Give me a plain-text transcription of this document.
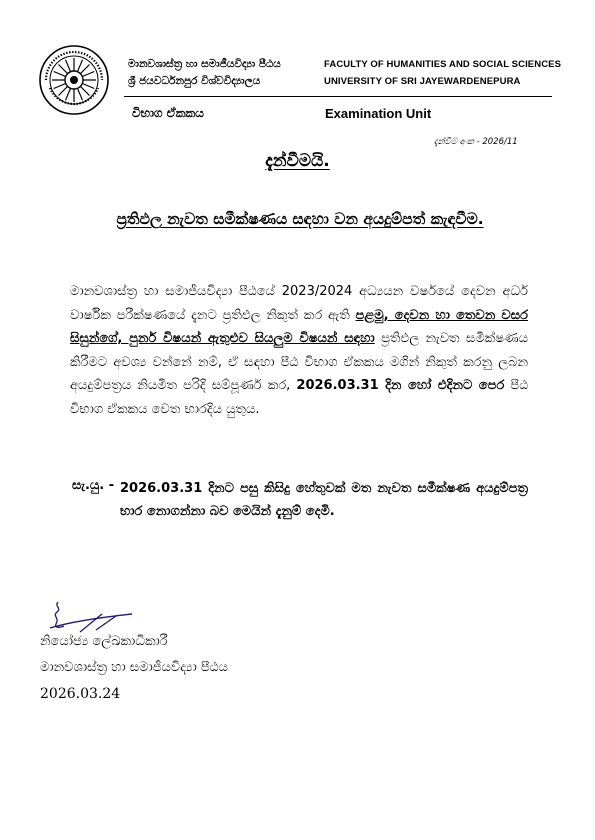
මානවශාස්ත්‍ර හා සමාජීයවිද්‍යා පීඨය
ශ්‍රී ජයවර්ධනපුර විශ්වවිද්‍යාලය
FACULTY OF HUMANITIES AND SOCIAL SCIENCES
UNIVERSITY OF SRI JAYEWARDENEPURA
විභාග ඒකකය	Examination Unit
දැන්වීම් අංක - 2026/11
දැන්වීමයි.
ප්‍රතිඵල නැවත සමීක්ෂණය සඳහා වන අයදුම්පත් කැඳවීම.
මානවශාස්ත්‍ර හා සමාජීයවිද්‍යා පීඨයේ 2023/2024 අධ්‍යයන වර්ෂයේ දෙවන අර්ධ වාර්ෂික පරීක්ෂණයේ දැනට ප්‍රතිඵල නිකුත් කර ඇති පළමු, දෙවන හා තෙවන වසර සිසුන්ගේ, පුනර් විෂයන් ඇතුළුව සියලුම විෂයන් සඳහා ප්‍රතිඵල නැවත සමීක්ෂණය කිරීමට අවශ්‍ය වන්නේ නම්, ඒ සඳහා පීඨ විභාග ඒකකය මගින් නිකුත් කරනු ලබන අයදුම්පත්‍රය නියමිත පරිදි සම්පූර්ණ කර, 2026.03.31 දින හෝ එදිනට පෙර පීඨ විභාග ඒකකය වෙත භාරදිය යුතුය.
සැ.යු. - 2026.03.31 දිනට පසු කිසිදු හේතුවක් මත නැවත සමීක්ෂණ අයදුම්පත්‍ර භාර නොගන්නා බව මෙයින් දැනුම් දෙමි.
නියෝජ්‍ය ලේඛකාධිකාරී
මානවශාස්ත්‍ර හා සමාජීයවිද්‍යා පීඨය
2026.03.24
